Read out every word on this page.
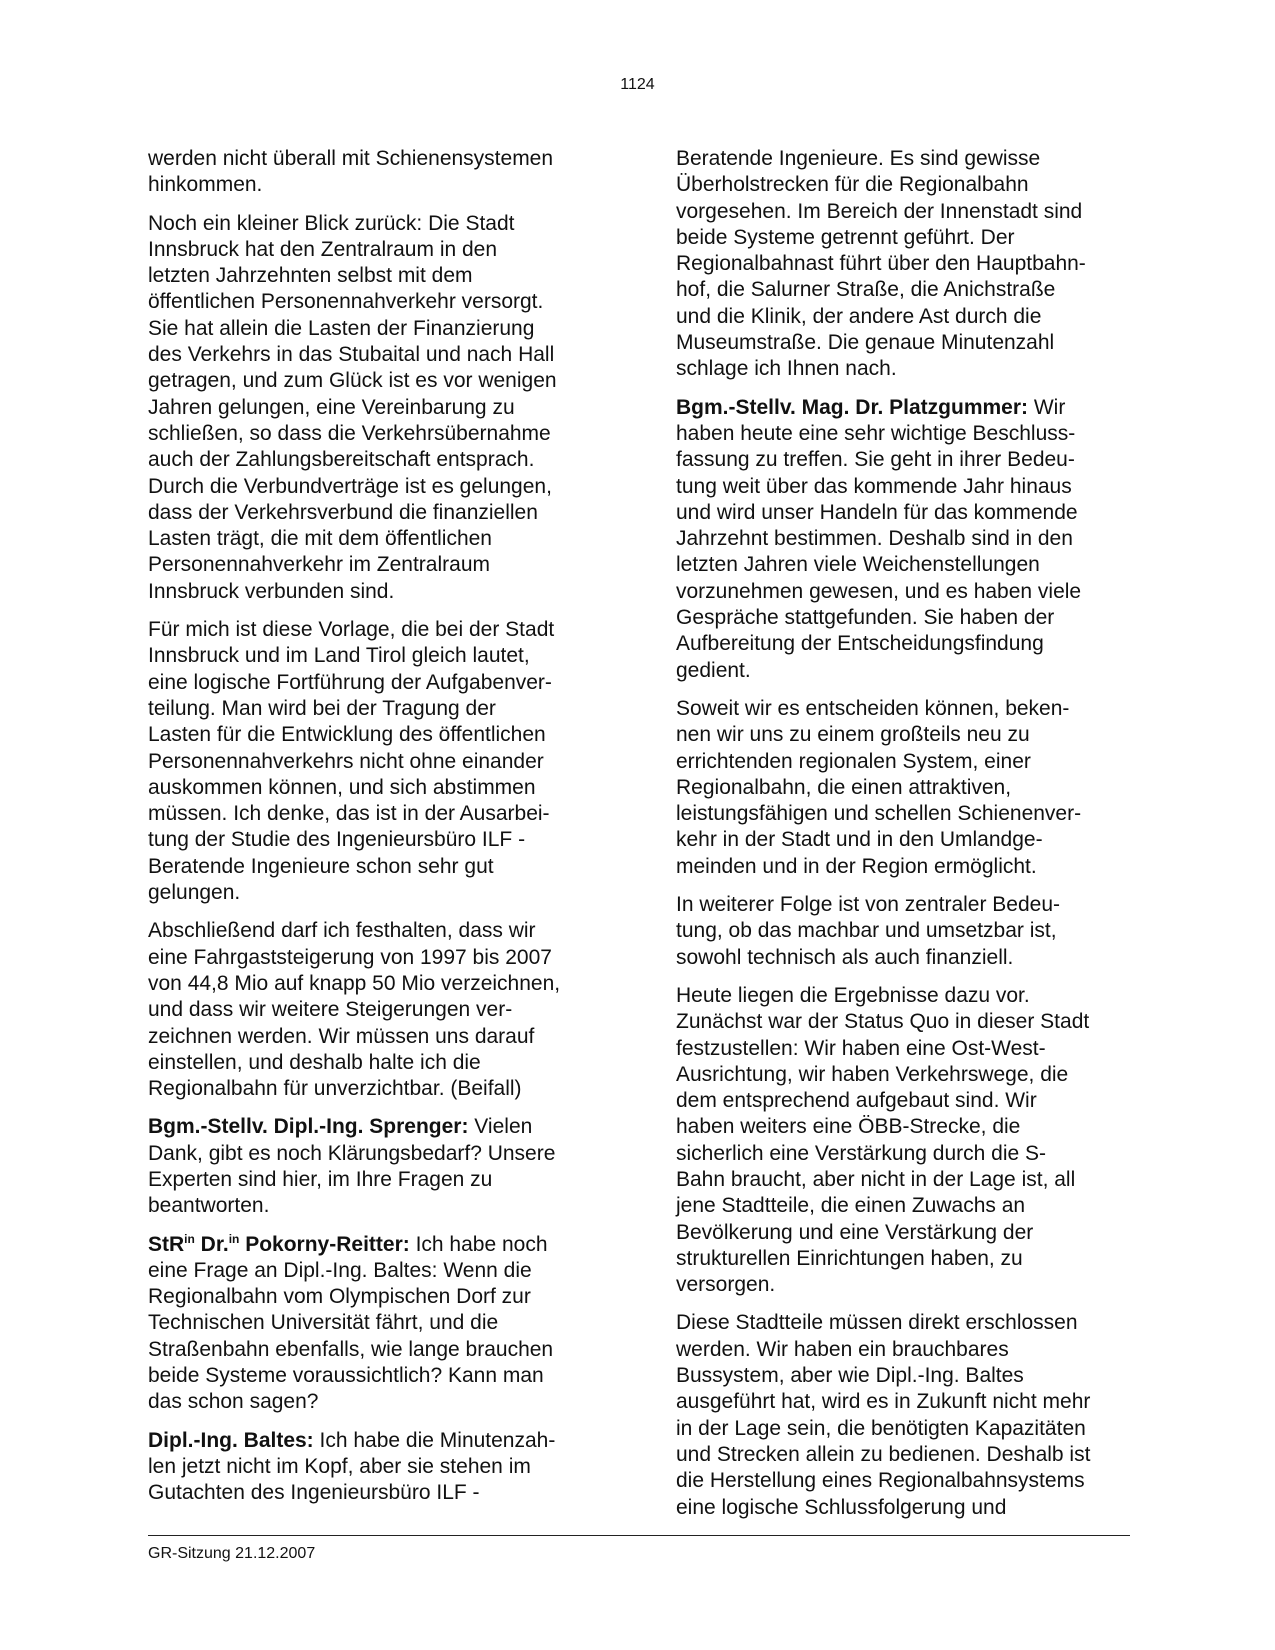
1124

werden nicht überall mit Schienensystemen
hinkommen.

Noch ein kleiner Blick zurück: Die Stadt
Innsbruck hat den Zentralraum in den
letzten Jahrzehnten selbst mit dem
öffentlichen Personennahverkehr versorgt.
Sie hat allein die Lasten der Finanzierung
des Verkehrs in das Stubaital und nach Hall
getragen, und zum Glück ist es vor wenigen
Jahren gelungen, eine Vereinbarung zu
schließen, so dass die Verkehrsübernahme
auch der Zahlungsbereitschaft entsprach.
Durch die Verbundverträge ist es gelungen,
dass der Verkehrsverbund die finanziellen
Lasten trägt, die mit dem öffentlichen
Personennahverkehr im Zentralraum
Innsbruck verbunden sind.

Für mich ist diese Vorlage, die bei der Stadt
Innsbruck und im Land Tirol gleich lautet,
eine logische Fortführung der Aufgabenver-
teilung. Man wird bei der Tragung der
Lasten für die Entwicklung des öffentlichen
Personennahverkehrs nicht ohne einander
auskommen können, und sich abstimmen
müssen. Ich denke, das ist in der Ausarbei-
tung der Studie des Ingenieursbüro ILF -
Beratende Ingenieure schon sehr gut
gelungen.

Abschließend darf ich festhalten, dass wir
eine Fahrgaststeigerung von 1997 bis 2007
von 44,8 Mio auf knapp 50 Mio verzeichnen,
und dass wir weitere Steigerungen ver-
zeichnen werden. Wir müssen uns darauf
einstellen, und deshalb halte ich die
Regionalbahn für unverzichtbar. (Beifall)

Bgm.-Stellv. Dipl.-Ing. Sprenger: Vielen
Dank, gibt es noch Klärungsbedarf? Unsere
Experten sind hier, im Ihre Fragen zu
beantworten.

StR$^{in}$ Dr.$^{in}$ Pokorny-Reitter: Ich habe noch
eine Frage an Dipl.-Ing. Baltes: Wenn die
Regionalbahn vom Olympischen Dorf zur
Technischen Universität fährt, und die
Straßenbahn ebenfalls, wie lange brauchen
beide Systeme voraussichtlich? Kann man
das schon sagen?

Dipl.-Ing. Baltes: Ich habe die Minutenzah-
len jetzt nicht im Kopf, aber sie stehen im
Gutachten des Ingenieursbüro ILF -

Beratende Ingenieure. Es sind gewisse
Überholstrecken für die Regionalbahn
vorgesehen. Im Bereich der Innenstadt sind
beide Systeme getrennt geführt. Der
Regionalbahnast führt über den Hauptbahn-
hof, die Salurner Straße, die Anichstraße
und die Klinik, der andere Ast durch die
Museumstraße. Die genaue Minutenzahl
schlage ich Ihnen nach.

Bgm.-Stellv. Mag. Dr. Platzgummer: Wir
haben heute eine sehr wichtige Beschluss-
fassung zu treffen. Sie geht in ihrer Bedeu-
tung weit über das kommende Jahr hinaus
und wird unser Handeln für das kommende
Jahrzehnt bestimmen. Deshalb sind in den
letzten Jahren viele Weichenstellungen
vorzunehmen gewesen, und es haben viele
Gespräche stattgefunden. Sie haben der
Aufbereitung der Entscheidungsfindung
gedient.

Soweit wir es entscheiden können, beken-
nen wir uns zu einem großteils neu zu
errichtenden regionalen System, einer
Regionalbahn, die einen attraktiven,
leistungsfähigen und schellen Schienenver-
kehr in der Stadt und in den Umlandge-
meinden und in der Region ermöglicht.

In weiterer Folge ist von zentraler Bedeu-
tung, ob das machbar und umsetzbar ist,
sowohl technisch als auch finanziell.

Heute liegen die Ergebnisse dazu vor.
Zunächst war der Status Quo in dieser Stadt
festzustellen: Wir haben eine Ost-West-
Ausrichtung, wir haben Verkehrswege, die
dem entsprechend aufgebaut sind. Wir
haben weiters eine ÖBB-Strecke, die
sicherlich eine Verstärkung durch die S-
Bahn braucht, aber nicht in der Lage ist, all
jene Stadtteile, die einen Zuwachs an
Bevölkerung und eine Verstärkung der
strukturellen Einrichtungen haben, zu
versorgen.

Diese Stadtteile müssen direkt erschlossen
werden. Wir haben ein brauchbares
Bussystem, aber wie Dipl.-Ing. Baltes
ausgeführt hat, wird es in Zukunft nicht mehr
in der Lage sein, die benötigten Kapazitäten
und Strecken allein zu bedienen. Deshalb ist
die Herstellung eines Regionalbahnsystems
eine logische Schlussfolgerung und

GR-Sitzung 21.12.2007
